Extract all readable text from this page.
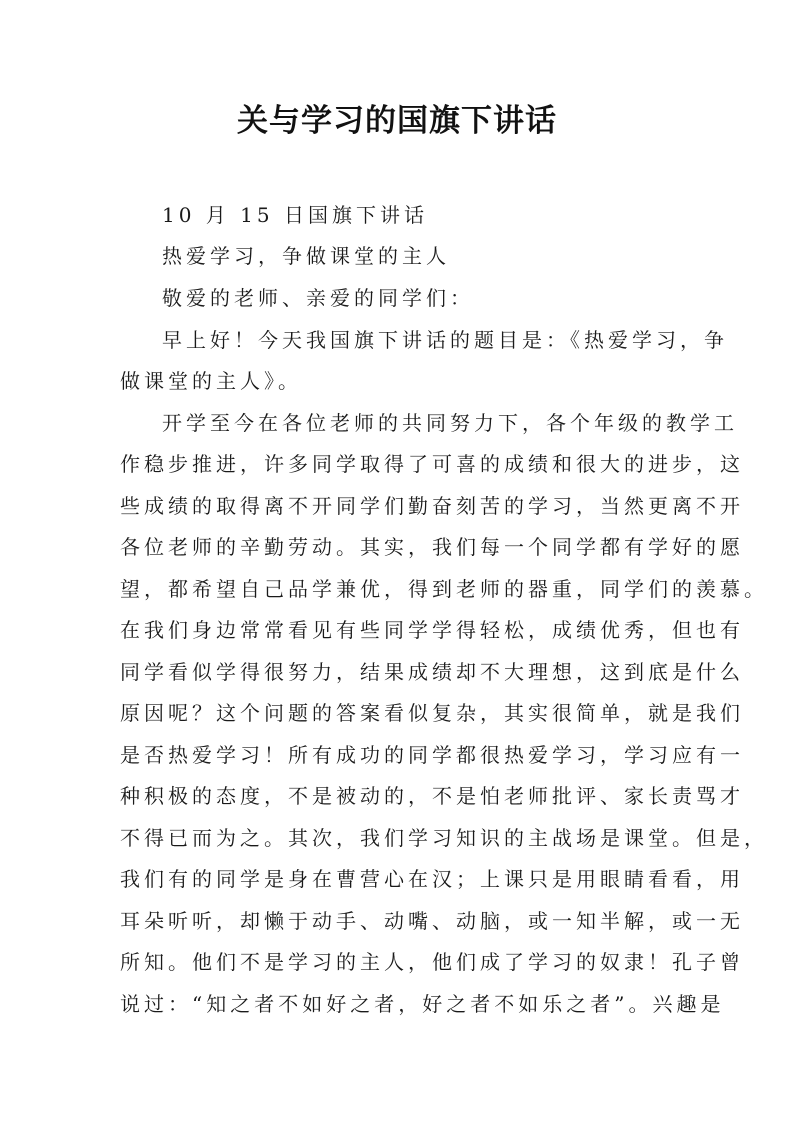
关与学习的国旗下讲话
10 月 15 日国旗下讲话
热爱学习，争做课堂的主人
敬爱的老师、亲爱的同学们：
早上好！今天我国旗下讲话的题目是：《热爱学习，争
做课堂的主人》。
开学至今在各位老师的共同努力下，各个年级的教学工
作稳步推进，许多同学取得了可喜的成绩和很大的进步，这
些成绩的取得离不开同学们勤奋刻苦的学习，当然更离不开
各位老师的辛勤劳动。其实，我们每一个同学都有学好的愿
望，都希望自己品学兼优，得到老师的器重，同学们的羡慕。
在我们身边常常看见有些同学学得轻松，成绩优秀，但也有
同学看似学得很努力，结果成绩却不大理想，这到底是什么
原因呢？这个问题的答案看似复杂，其实很简单，就是我们
是否热爱学习！所有成功的同学都很热爱学习，学习应有一
种积极的态度，不是被动的，不是怕老师批评、家长责骂才
不得已而为之。其次，我们学习知识的主战场是课堂。但是，
我们有的同学是身在曹营心在汉；上课只是用眼睛看看，用
耳朵听听，却懒于动手、动嘴、动脑，或一知半解，或一无
所知。他们不是学习的主人，他们成了学习的奴隶！孔子曾
说过：“知之者不如好之者，好之者不如乐之者”。兴趣是
